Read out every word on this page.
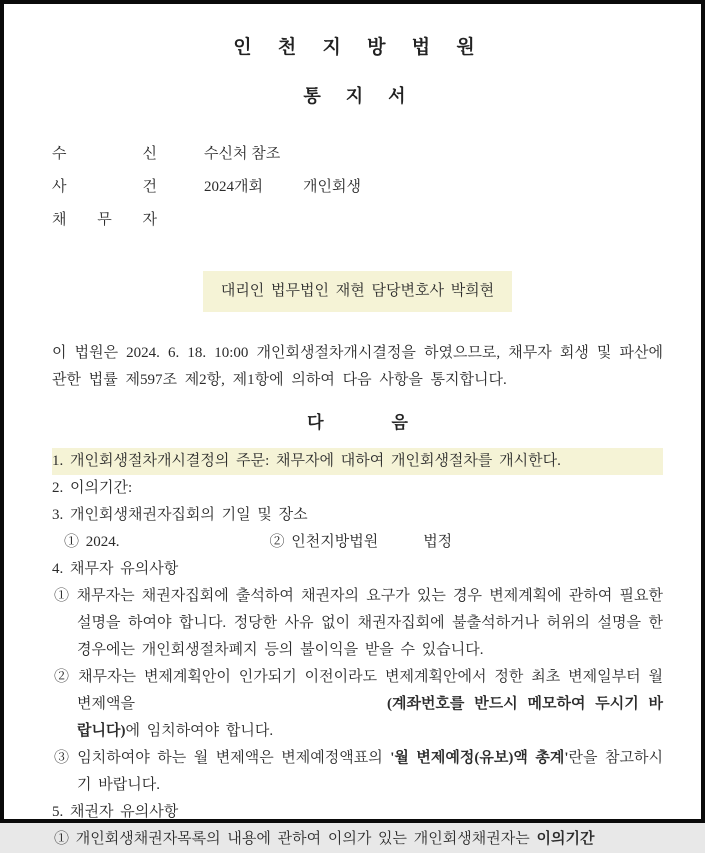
인 천 지 방 법 원
통 지 서
수 신	수신처 참조
사 건	2024개회	개인회생
채 무 자
대리인 법무법인 재현 담당변호사 박희현

이 법원은 2024. 6. 18. 10:00 개인회생절차개시결정을 하였으므로, 채무자 회생 및 파산에 관한 법률 제597조 제2항, 제1항에 의하여 다음 사항을 통지합니다.

다　　　　음
1. 개인회생절차개시결정의 주문: 채무자에 대하여 개인회생절차를 개시한다.
2. 이의기간:
3. 개인회생채권자집회의 기일 및 장소
① 2024.　　　　　　　　　　② 인천지방법원　　　법정
4. 채무자 유의사항
① 채무자는 채권자집회에 출석하여 채권자의 요구가 있는 경우 변제계획에 관하여 필요한 설명을 하여야 합니다. 정당한 사유 없이 채권자집회에 불출석하거나 허위의 설명을 한 경우에는 개인회생절차폐지 등의 불이익을 받을 수 있습니다.
② 채무자는 변제계획안이 인가되기 이전이라도 변제계획안에서 정한 최초 변제일부터 월 변제액을	(계좌번호를 반드시 메모하여 두시기 바랍니다)에 임치하여야 합니다.
③ 임치하여야 하는 월 변제액은 변제예정액표의 '월 변제예정(유보)액 총계'란을 참고하시기 바랍니다.
5. 채권자 유의사항
① 개인회생채권자목록의 내용에 관하여 이의가 있는 개인회생채권자는 이의기간
